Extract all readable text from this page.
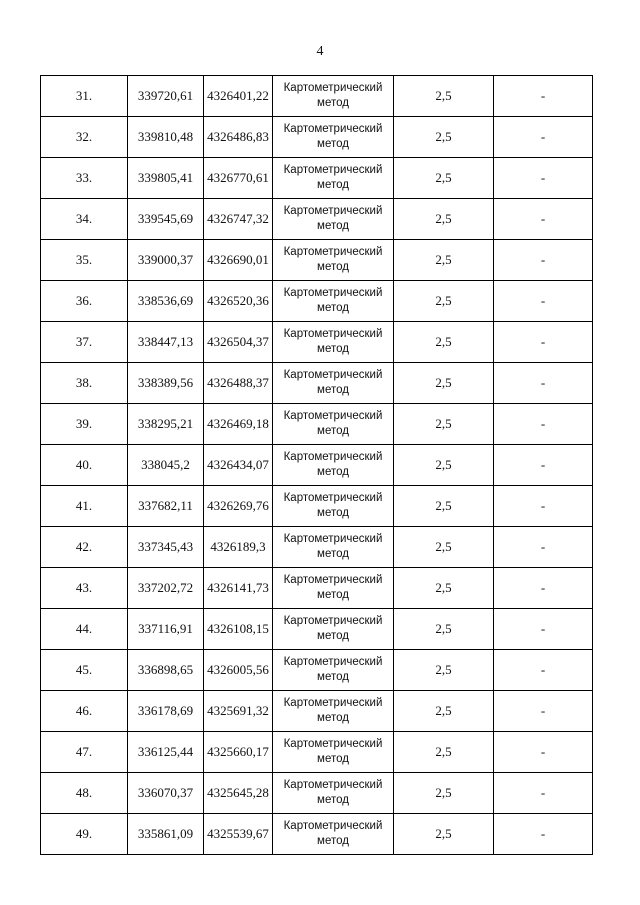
4
31.	339720,61	4326401,22	Картометрический
метод	2,5	-
32.	339810,48	4326486,83	Картометрический
метод	2,5	-
33.	339805,41	4326770,61	Картометрический
метод	2,5	-
34.	339545,69	4326747,32	Картометрический
метод	2,5	-
35.	339000,37	4326690,01	Картометрический
метод	2,5	-
36.	338536,69	4326520,36	Картометрический
метод	2,5	-
37.	338447,13	4326504,37	Картометрический
метод	2,5	-
38.	338389,56	4326488,37	Картометрический
метод	2,5	-
39.	338295,21	4326469,18	Картометрический
метод	2,5	-
40.	338045,2	4326434,07	Картометрический
метод	2,5	-
41.	337682,11	4326269,76	Картометрический
метод	2,5	-
42.	337345,43	4326189,3	Картометрический
метод	2,5	-
43.	337202,72	4326141,73	Картометрический
метод	2,5	-
44.	337116,91	4326108,15	Картометрический
метод	2,5	-
45.	336898,65	4326005,56	Картометрический
метод	2,5	-
46.	336178,69	4325691,32	Картометрический
метод	2,5	-
47.	336125,44	4325660,17	Картометрический
метод	2,5	-
48.	336070,37	4325645,28	Картометрический
метод	2,5	-
49.	335861,09	4325539,67	Картометрический
метод	2,5	-
